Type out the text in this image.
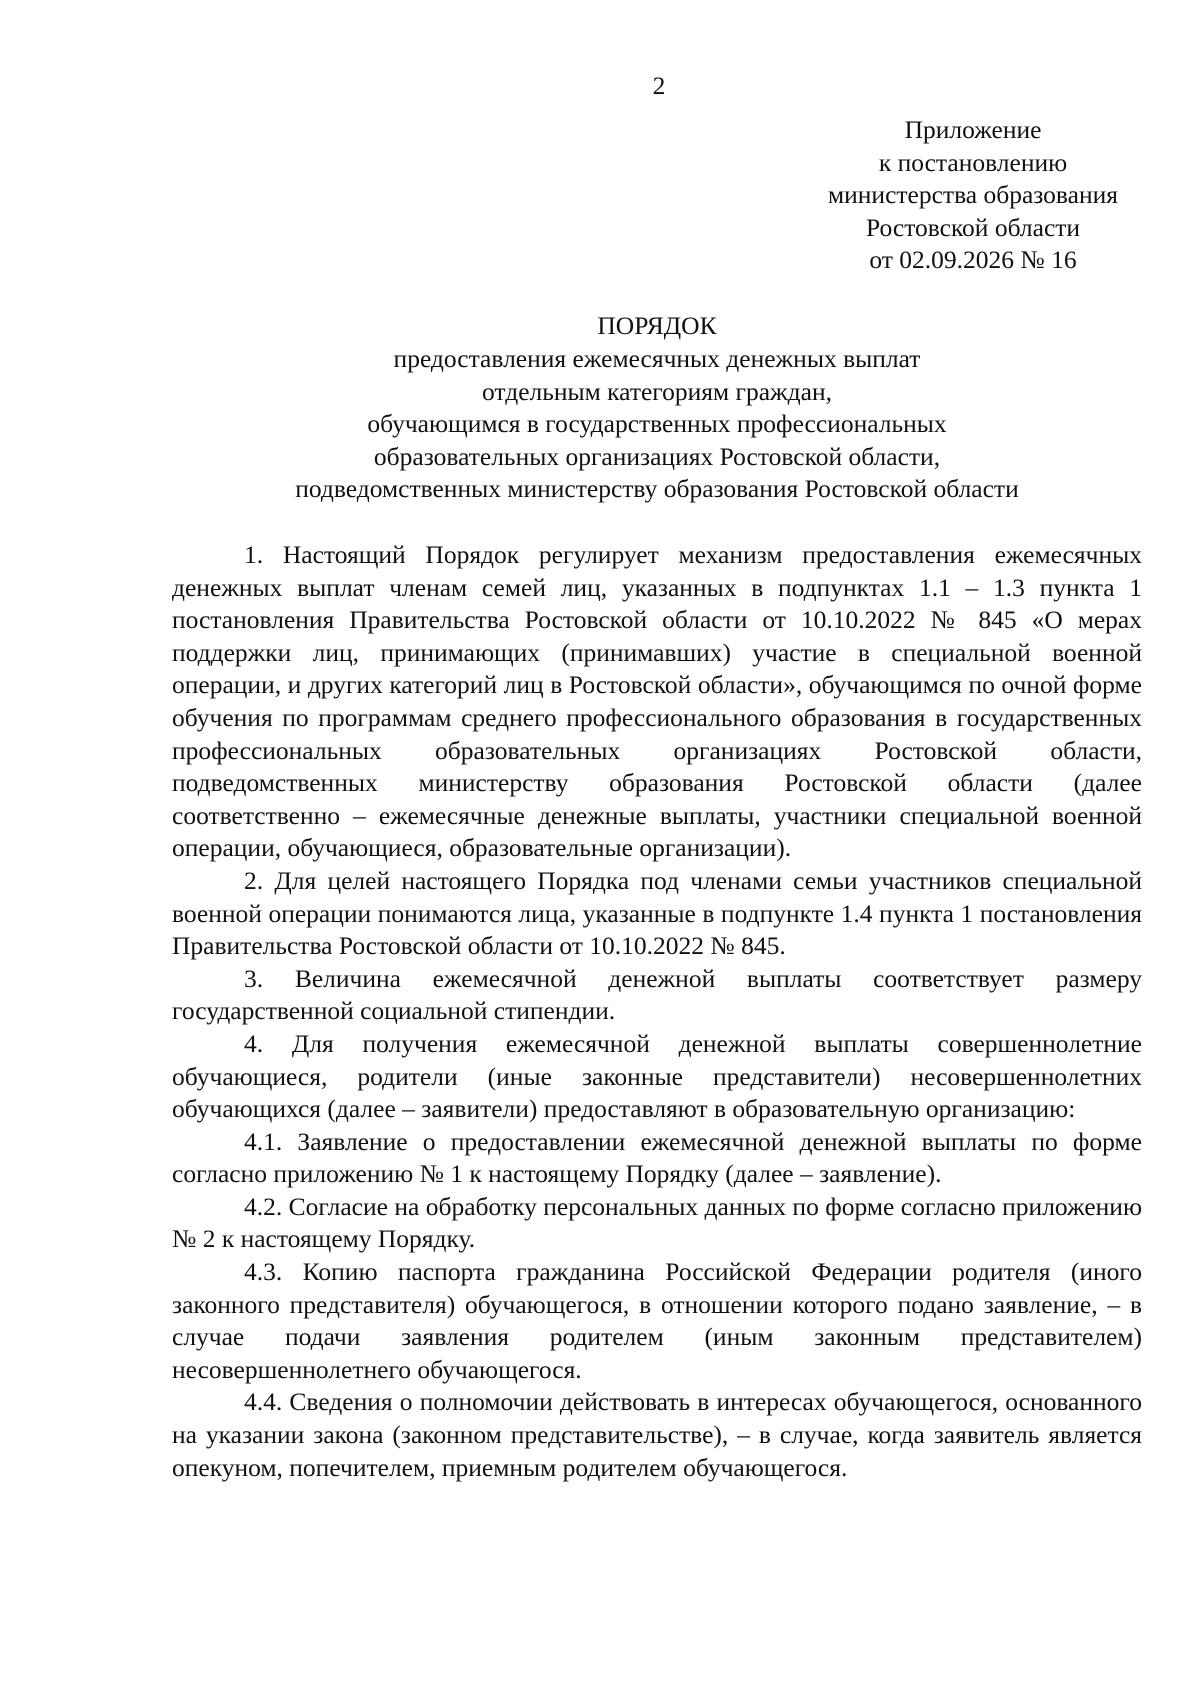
2
Приложение
к постановлению
министерства образования
Ростовской области
от 02.09.2026 № 16
ПОРЯДОК
предоставления ежемесячных денежных выплат
отдельным категориям граждан,
обучающимся в государственных профессиональных
образовательных организациях Ростовской области,
подведомственных министерству образования Ростовской области

1. Настоящий Порядок регулирует механизм предоставления ежемесячных денежных выплат членам семей лиц, указанных в подпунктах 1.1 – 1.3 пункта 1 постановления Правительства Ростовской области от 10.10.2022 № 845 «О мерах поддержки лиц, принимающих (принимавших) участие в специальной военной операции, и других категорий лиц в Ростовской области», обучающимся по очной форме обучения по программам среднего профессионального образования в государственных профессиональных образовательных организациях Ростовской области, подведомственных министерству образования Ростовской области (далее соответственно – ежемесячные денежные выплаты, участники специальной военной операции, обучающиеся, образовательные организации).

2. Для целей настоящего Порядка под членами семьи участников специальной военной операции понимаются лица, указанные в подпункте 1.4 пункта 1 постановления Правительства Ростовской области от 10.10.2022 № 845.

3. Величина ежемесячной денежной выплаты соответствует размеру государственной социальной стипендии.

4. Для получения ежемесячной денежной выплаты совершеннолетние обучающиеся, родители (иные законные представители) несовершеннолетних обучающихся (далее – заявители) предоставляют в образовательную организацию:

4.1. Заявление о предоставлении ежемесячной денежной выплаты по форме согласно приложению № 1 к настоящему Порядку (далее – заявление).

4.2. Согласие на обработку персональных данных по форме согласно приложению № 2 к настоящему Порядку.

4.3. Копию паспорта гражданина Российской Федерации родителя (иного законного представителя) обучающегося, в отношении которого подано заявление, – в случае подачи заявления родителем (иным законным представителем) несовершеннолетнего обучающегося.

4.4. Сведения о полномочии действовать в интересах обучающегося, основанного на указании закона (законном представительстве), – в случае, когда заявитель является опекуном, попечителем, приемным родителем обучающегося.
